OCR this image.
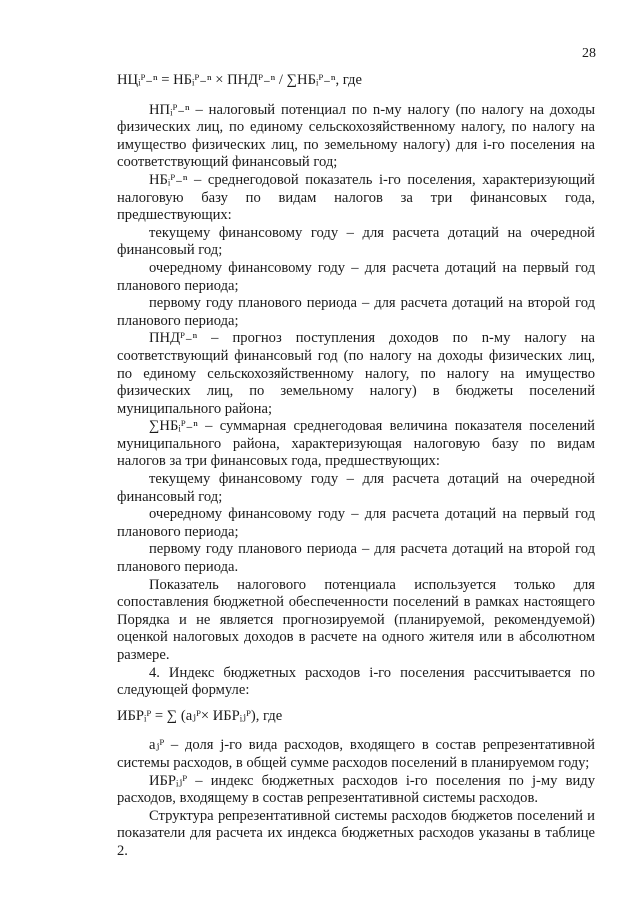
28

НЦᵢᴾ₋ⁿ = НБᵢᴾ₋ⁿ × ПНДᴾ₋ⁿ / ∑НБᵢᴾ₋ⁿ, где

НПᵢᴾ₋ⁿ – налоговый потенциал по n-му налогу (по налогу на доходы физических лиц, по единому сельскохозяйственному налогу, по налогу на имущество физических лиц, по земельному налогу) для i-го поселения на соответствующий финансовый год;

НБᵢᴾ₋ⁿ – среднегодовой показатель i-го поселения, характеризующий налоговую базу по видам налогов за три финансовых года, предшествующих:

текущему финансовому году – для расчета дотаций на очередной финансовый год;

очередному финансовому году – для расчета дотаций на первый год планового периода;

первому году планового периода – для расчета дотаций на второй год планового периода;

ПНДᴾ₋ⁿ – прогноз поступления доходов по n-му налогу на соответствующий финансовый год (по налогу на доходы физических лиц, по единому сельскохозяйственному налогу, по налогу на имущество физических лиц, по земельному налогу) в бюджеты поселений муниципального района;

∑НБᵢᴾ₋ⁿ – суммарная среднегодовая величина показателя поселений муниципального района, характеризующая налоговую базу по видам налогов за три финансовых года, предшествующих:

текущему финансовому году – для расчета дотаций на очередной финансовый год;

очередному финансовому году – для расчета дотаций на первый год планового периода;

первому году планового периода – для расчета дотаций на второй год планового периода.

Показатель налогового потенциала используется только для сопоставления бюджетной обеспеченности поселений в рамках настоящего Порядка и не является прогнозируемой (планируемой, рекомендуемой) оценкой налоговых доходов в расчете на одного жителя или в абсолютном размере.

4. Индекс бюджетных расходов i-го поселения рассчитывается по следующей формуле:

ИБРᵢᴾ = ∑ (aⱼᴾ× ИБРᵢⱼᴾ), где

aⱼᴾ – доля j-го вида расходов, входящего в состав репрезентативной системы расходов, в общей сумме расходов поселений в планируемом году;

ИБРᵢⱼᴾ – индекс бюджетных расходов i-го поселения по j-му виду расходов, входящему в состав репрезентативной системы расходов.

Структура репрезентативной системы расходов бюджетов поселений и показатели для расчета их индекса бюджетных расходов указаны в таблице 2.
